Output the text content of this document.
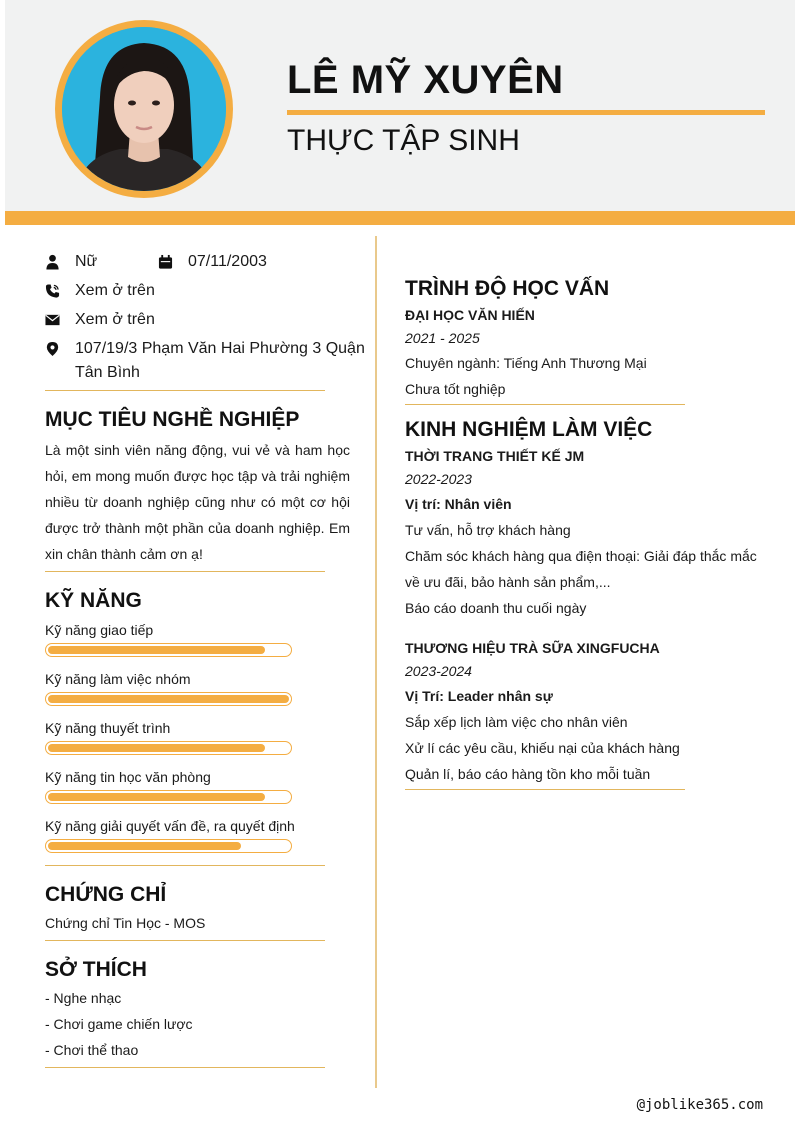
LÊ MỸ XUYÊN
THỰC TẬP SINH
Nữ	07/11/2003
Xem ở trên
Xem ở trên
107/19/3 Phạm Văn Hai Phường 3 Quận Tân Bình
MỤC TIÊU NGHỀ NGHIỆP
Là một sinh viên năng động, vui vẻ và ham học hỏi, em mong muốn được học tập và trải nghiệm nhiều từ doanh nghiệp cũng như có một cơ hội được trở thành một phần của doanh nghiệp. Em xin chân thành cảm ơn ạ!
KỸ NĂNG
Kỹ năng giao tiếp
Kỹ năng làm việc nhóm
Kỹ năng thuyết trình
Kỹ năng tin học văn phòng
Kỹ năng giải quyết vấn đề, ra quyết định
CHỨNG CHỈ
Chứng chỉ Tin Học - MOS
SỞ THÍCH
- Nghe nhạc
- Chơi game chiến lược
- Chơi thể thao
TRÌNH ĐỘ HỌC VẤN
ĐẠI HỌC VĂN HIẾN
2021 - 2025
Chuyên ngành: Tiếng Anh Thương Mại
Chưa tốt nghiệp
KINH NGHIỆM LÀM VIỆC
THỜI TRANG THIẾT KẾ JM
2022-2023
Vị trí: Nhân viên
Tư vấn, hỗ trợ khách hàng
Chăm sóc khách hàng qua điện thoại: Giải đáp thắc mắc về ưu đãi, bảo hành sản phẩm,...
Báo cáo doanh thu cuối ngày
THƯƠNG HIỆU TRÀ SỮA XINGFUCHA
2023-2024
Vị Trí: Leader nhân sự
Sắp xếp lịch làm việc cho nhân viên
Xử lí các yêu cầu, khiếu nại của khách hàng
Quản lí, báo cáo hàng tồn kho mỗi tuần
@joblike365.com
